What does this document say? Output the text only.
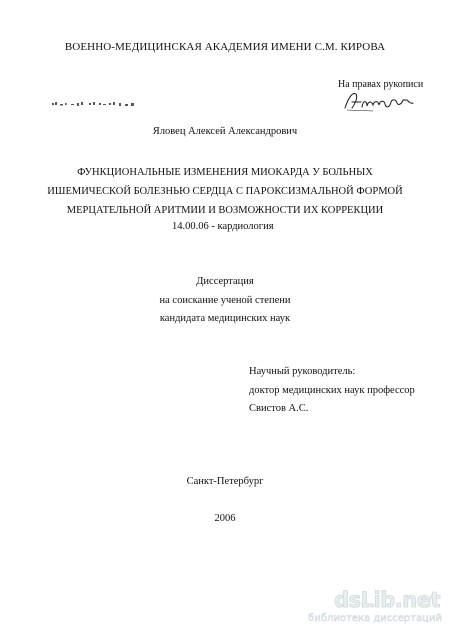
ВОЕННО-МЕДИЦИНСКАЯ АКАДЕМИЯ ИМЕНИ С.М. КИРОВА
На правах рукописи
Яловец Алексей Александрович
ФУНКЦИОНАЛЬНЫЕ ИЗМЕНЕНИЯ МИОКАРДА У БОЛЬНЫХ
ИШЕМИЧЕСКОЙ БОЛЕЗНЬЮ СЕРДЦА С ПАРОКСИЗМАЛЬНОЙ ФОРМОЙ
МЕРЦАТЕЛЬНОЙ АРИТМИИ И ВОЗМОЖНОСТИ ИХ КОРРЕКЦИИ
14.00.06 - кардиология
Диссертация
на соискание ученой степени
кандидата медицинских наук
Научный руководитель:
доктор медицинских наук профессор
Свистов А.С.
Санкт-Петербург
2006
dsLib.net
библиотека диссертаций
